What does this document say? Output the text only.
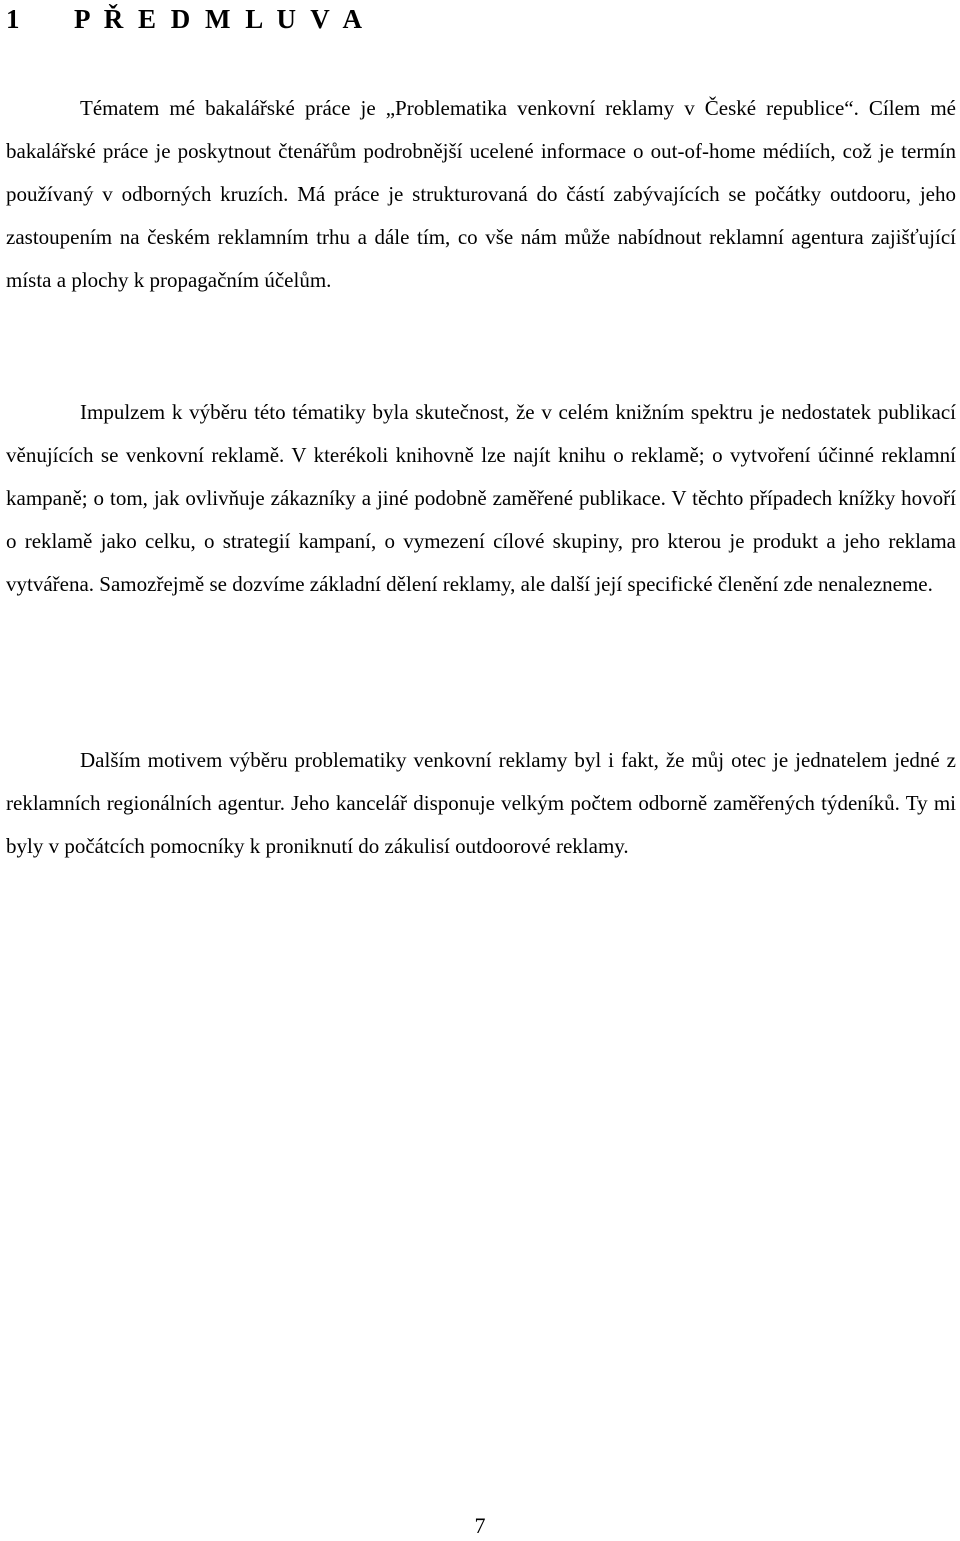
1 P Ř E D M L U V A

Tématem mé bakalářské práce je „Problematika venkovní reklamy v České republice“. Cílem mé bakalářské práce je poskytnout čtenářům podrobnější ucelené informace o out-of-home médiích, což je termín používaný v odborných kruzích. Má práce je strukturovaná do částí zabývajících se počátky outdooru, jeho zastoupením na českém reklamním trhu a dále tím, co vše nám může nabídnout reklamní agentura zajišťující místa a plochy k propagačním účelům.

Impulzem k výběru této tématiky byla skutečnost, že v celém knižním spektru je nedostatek publikací věnujících se venkovní reklamě. V kterékoli knihovně lze najít knihu o reklamě; o vytvoření účinné reklamní kampaně; o tom, jak ovlivňuje zákazníky a jiné podobně zaměřené publikace. V těchto případech knížky hovoří o reklamě jako celku, o strategií kampaní, o vymezení cílové skupiny, pro kterou je produkt a jeho reklama vytvářena. Samozřejmě se dozvíme základní dělení reklamy, ale další její specifické členění zde nenalezneme.

Dalším motivem výběru problematiky venkovní reklamy byl i fakt, že můj otec je jednatelem jedné z reklamních regionálních agentur. Jeho kancelář disponuje velkým počtem odborně zaměřených týdeníků. Ty mi byly v počátcích pomocníky k proniknutí do zákulisí outdoorové reklamy.

7
